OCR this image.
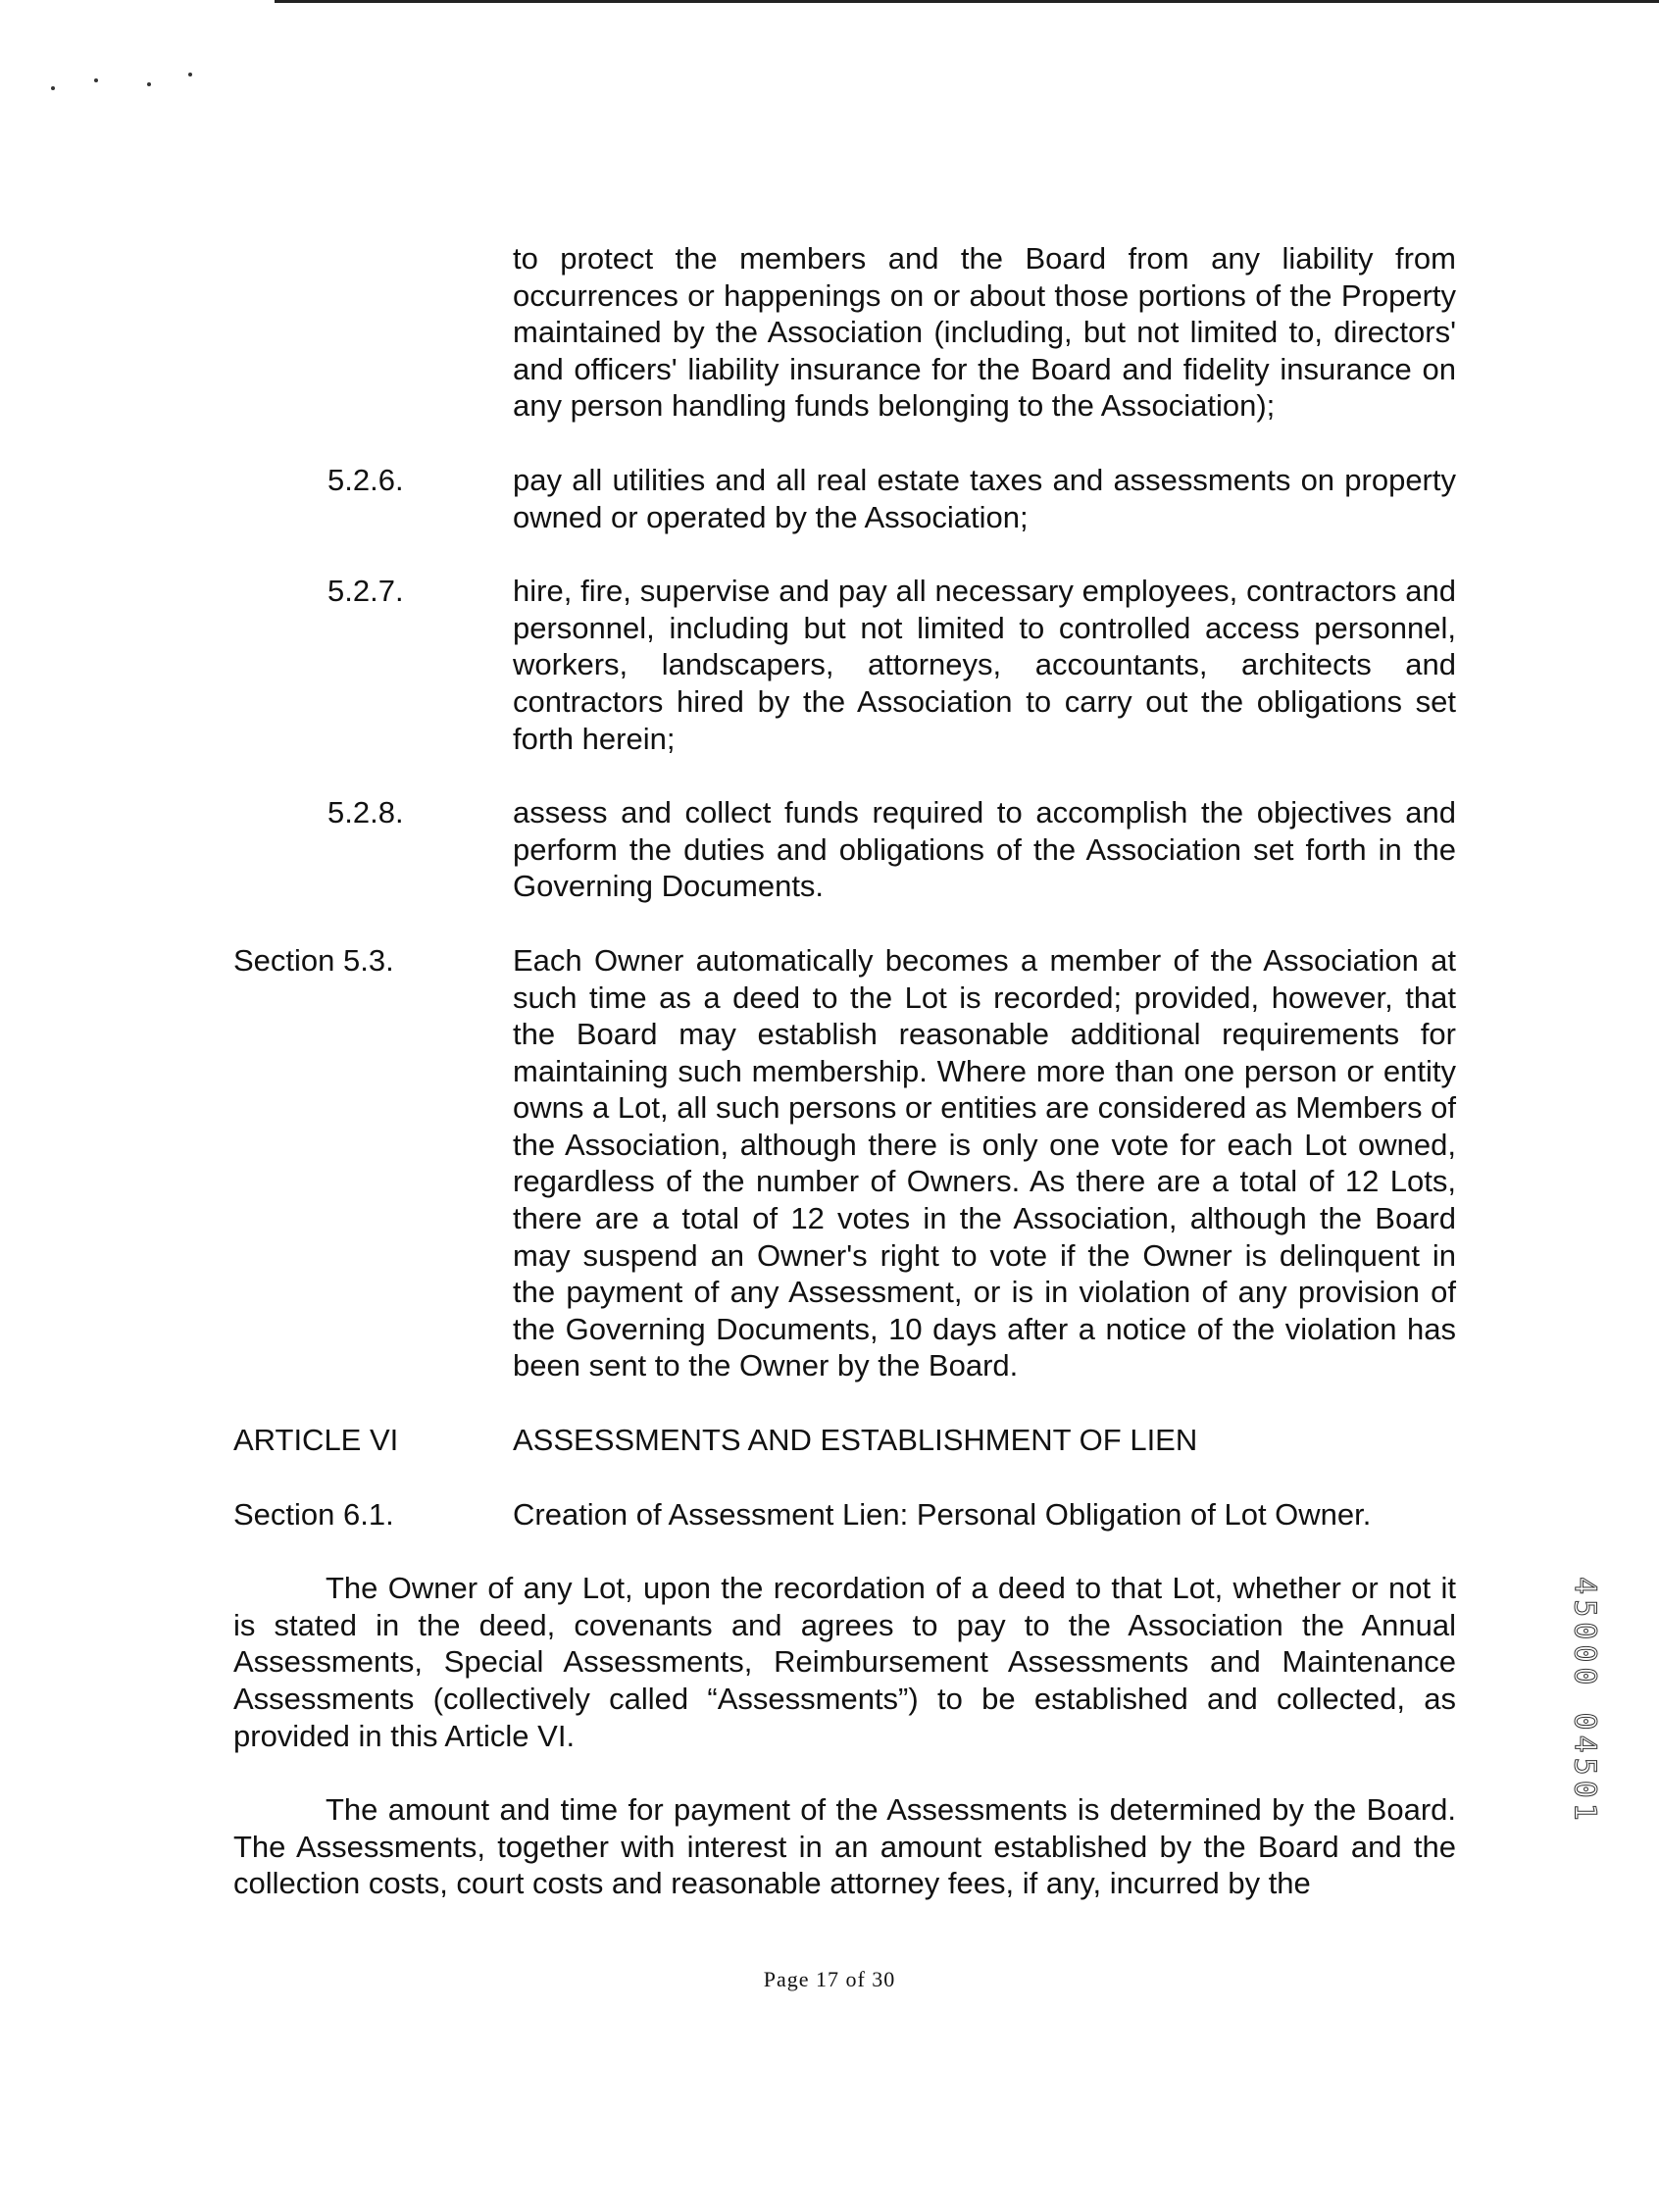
to protect the members and the Board from any liability from occurrences or happenings on or about those portions of the Property maintained by the Association (including, but not limited to, directors' and officers' liability insurance for the Board and fidelity insurance on any person handling funds belonging to the Association);
5.2.6.	pay all utilities and all real estate taxes and assessments on property owned or operated by the Association;
5.2.7.	hire, fire, supervise and pay all necessary employees, contractors and personnel, including but not limited to controlled access personnel, workers, landscapers, attorneys, accountants, architects and contractors hired by the Association to carry out the obligations set forth herein;
5.2.8.	assess and collect funds required to accomplish the objectives and perform the duties and obligations of the Association set forth in the Governing Documents.
Section 5.3.	Each Owner automatically becomes a member of the Association at such time as a deed to the Lot is recorded; provided, however, that the Board may establish reasonable additional requirements for maintaining such membership. Where more than one person or entity owns a Lot, all such persons or entities are considered as Members of the Association, although there is only one vote for each Lot owned, regardless of the number of Owners. As there are a total of 12 Lots, there are a total of 12 votes in the Association, although the Board may suspend an Owner's right to vote if the Owner is delinquent in the payment of any Assessment, or is in violation of any provision of the Governing Documents, 10 days after a notice of the violation has been sent to the Owner by the Board.
ARTICLE VI	ASSESSMENTS AND ESTABLISHMENT OF LIEN
Section 6.1.	Creation of Assessment Lien: Personal Obligation of Lot Owner.

The Owner of any Lot, upon the recordation of a deed to that Lot, whether or not it is stated in the deed, covenants and agrees to pay to the Association the Annual Assessments, Special Assessments, Reimbursement Assessments and Maintenance Assessments (collectively called “Assessments”) to be established and collected, as provided in this Article VI.

The amount and time for payment of the Assessments is determined by the Board. The Assessments, together with interest in an amount established by the Board and the collection costs, court costs and reasonable attorney fees, if any, incurred by the

Page 17 of 30
45000 04501
